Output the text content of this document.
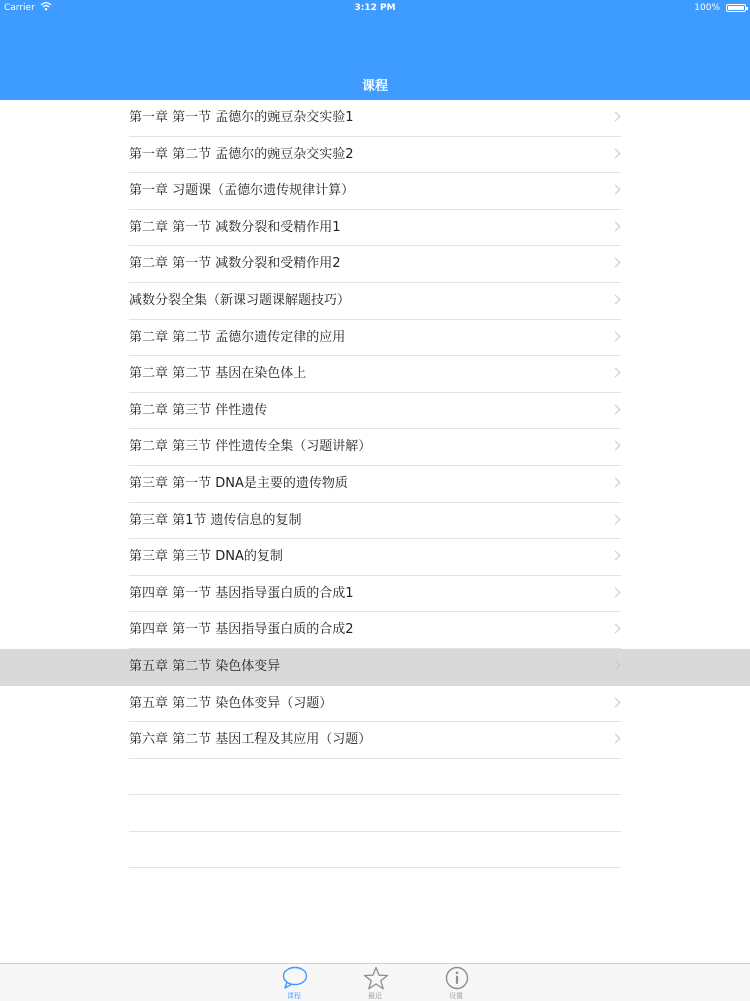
Carrier	3:12 PM	100%
课程
第一章 第一节 孟德尔的豌豆杂交实验1
第一章 第二节 孟德尔的豌豆杂交实验2
第一章 习题课（孟德尔遗传规律计算）
第二章 第一节 减数分裂和受精作用1
第二章 第一节 减数分裂和受精作用2
减数分裂全集（新课习题课解题技巧）
第二章 第二节 孟德尔遗传定律的应用
第二章 第二节 基因在染色体上
第二章 第三节 伴性遗传
第二章 第三节 伴性遗传全集（习题讲解）
第三章 第一节 DNA是主要的遗传物质
第三章 第1节 遗传信息的复制
第三章 第三节 DNA的复制
第四章 第一节 基因指导蛋白质的合成1
第四章 第一节 基因指导蛋白质的合成2
第五章 第二节 染色体变异
第五章 第二节 染色体变异（习题）
第六章 第二节 基因工程及其应用（习题）
课程	最近	设置
